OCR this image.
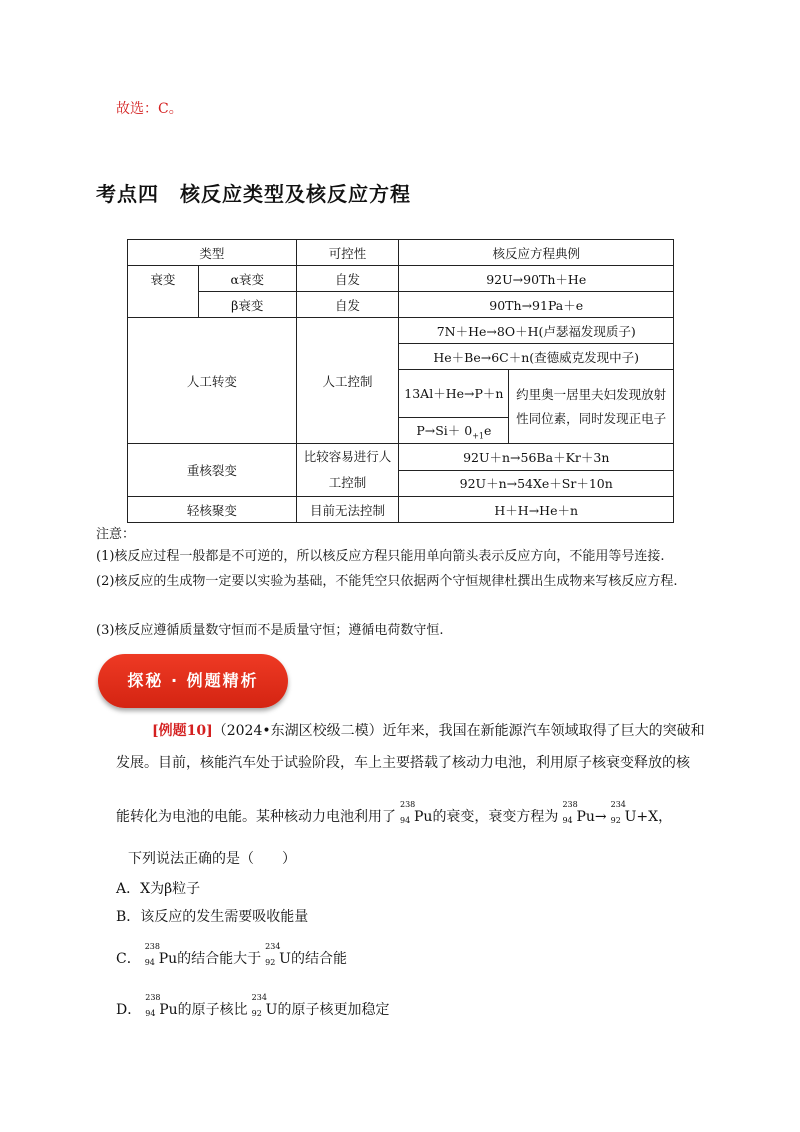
故选：C。
考点四　核反应类型及核反应方程
类型		可控性	核反应方程典例	
衰变	α衰变	自发	92U→90Th＋He	
	β衰变	自发	90Th→91Pa＋e	
人工转变		人工控制	7N＋He→8O＋H(卢瑟福发现质子)	
			He＋Be→6C＋n(查德威克发现中子)	
			13Al＋He→P＋n	约里奥一居里夫妇发现放射性同位素，同时发现正电子
			$P\to Si+ 0_{+1}e$	
重核裂变		比较容易进行人工控制	92U＋n→56Ba＋Kr＋3n	
			92U＋n→54Xe＋Sr＋10n	
轻核聚变		目前无法控制	H＋H→He＋n	
注意：
(1)核反应过程一般都是不可逆的，所以核反应方程只能用单向箭头表示反应方向，不能用等号连接.
(2)核反应的生成物一定要以实验为基础，不能凭空只依据两个守恒规律杜撰出生成物来写核反应方程.
(3)核反应遵循质量数守恒而不是质量守恒；遵循电荷数守恒.
探秘 · 例题精析
[例题10]（2024•东湖区校级二模）近年来，我国在新能源汽车领域取得了巨大的突破和
发展。目前，核能汽车处于试验阶段，车上主要搭载了核动力电池，利用原子核衰变释放的核
能转化为电池的电能。某种核动力电池利用了
238
94 Pu的衰变，衰变方程为
238
94 Pu→
234
92 U+X，
下列说法正确的是（　　）
A．X为β粒子
B．该反应的发生需要吸收能量
C．
238
94 Pu的结合能大于
234
92 U的结合能
D．
238
94 Pu的原子核比
234
92 U的原子核更加稳定
